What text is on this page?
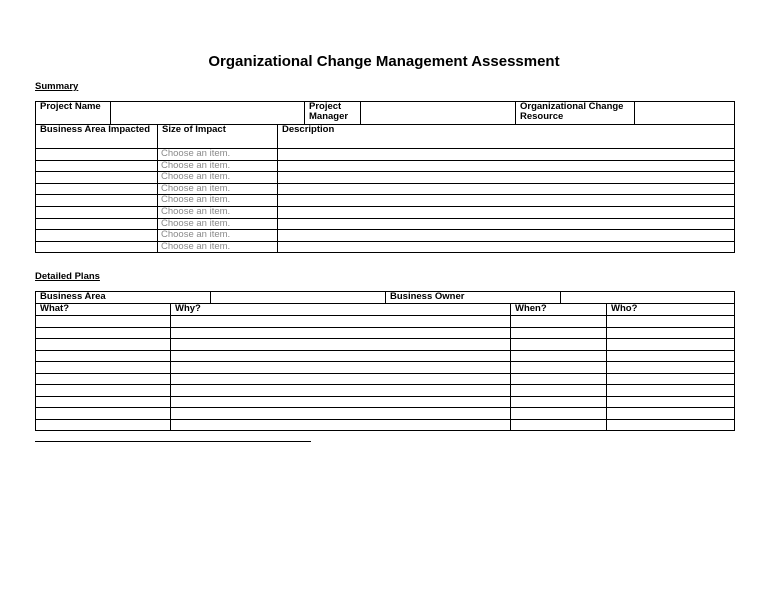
Organizational Change Management Assessment
Summary
Project Name				Project Manager		Organizational Change Resource	
Business Area Impacted		Size of Impact	Description				
		Choose an item.					
		Choose an item.					
		Choose an item.					
		Choose an item.					
		Choose an item.					
		Choose an item.					
		Choose an item.					
		Choose an item.					
		Choose an item.					
Detailed Plans
Business Area			Business Owner			
What?	Why?			When?		Who?
